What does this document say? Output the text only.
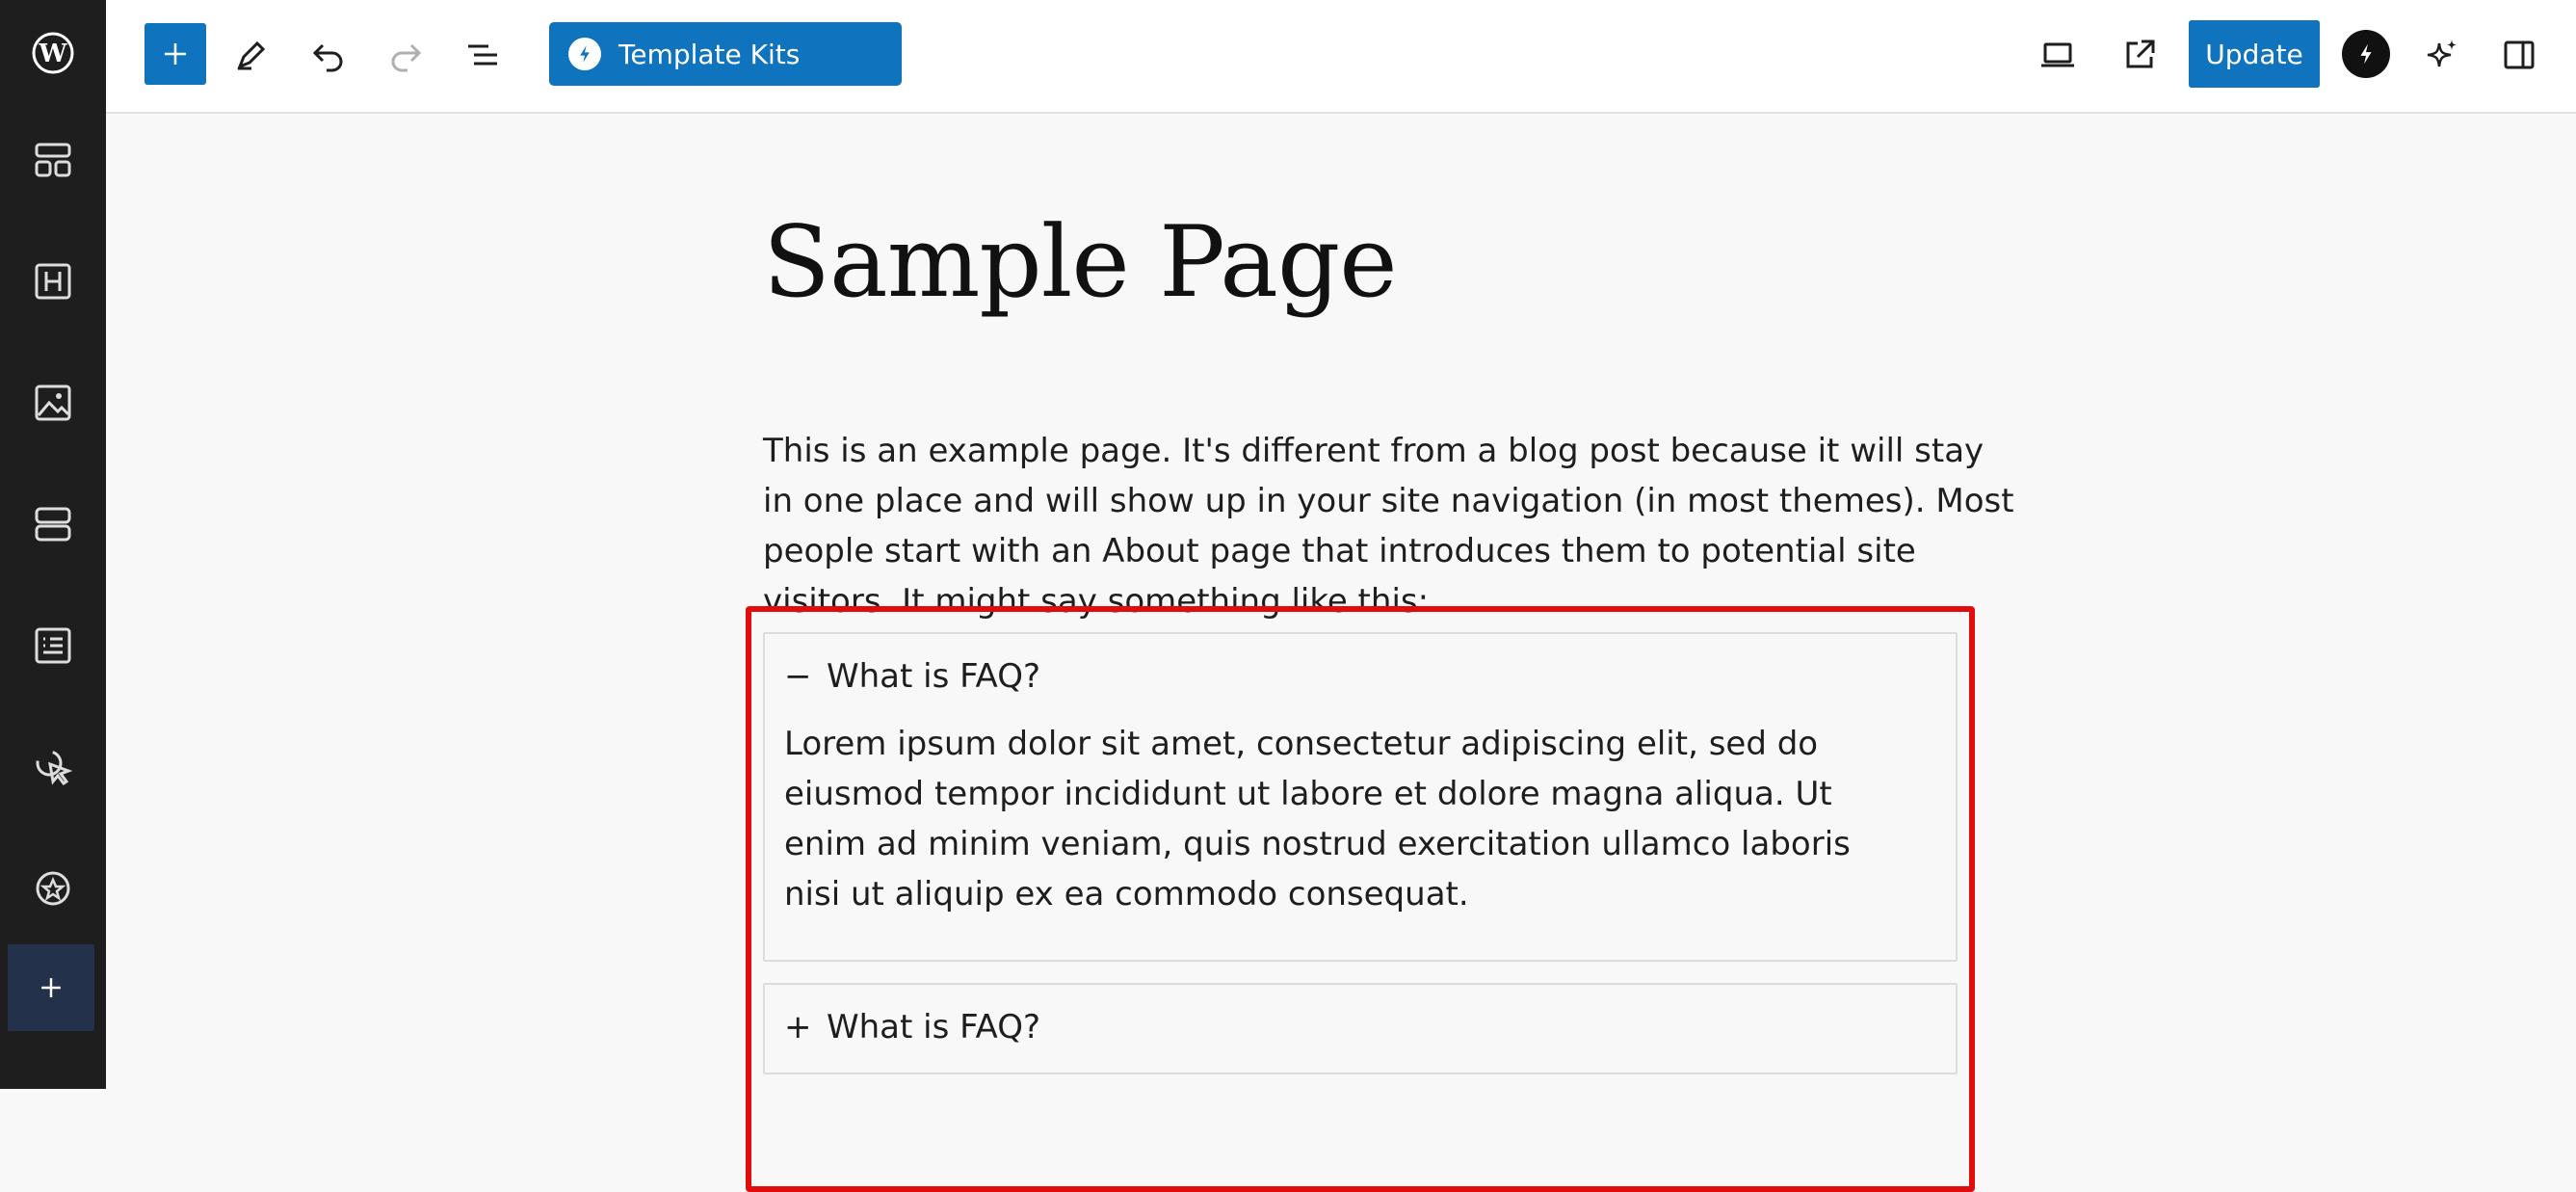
W	Template Kits	Update
Sample Page

This is an example page. It's different from a blog post because it will stay in one place and will show up in your site navigation (in most themes). Most people start with an About page that introduces them to potential site visitors. It might say something like this:

− What is FAQ?
Lorem ipsum dolor sit amet, consectetur adipiscing elit, sed do eiusmod tempor incididunt ut labore et dolore magna aliqua. Ut enim ad minim veniam, quis nostrud exercitation ullamco laboris nisi ut aliquip ex ea commodo consequat.
+ What is FAQ?
